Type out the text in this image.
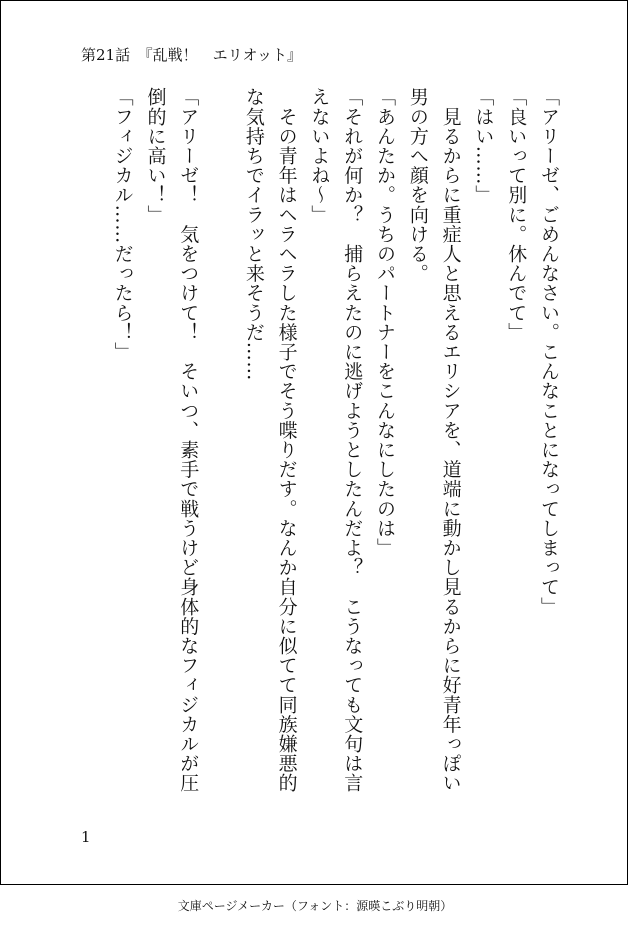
第21話　『乱戦！　エリオット』

「アリーゼ、ごめんなさい。こんなことになってしまって」

「良いって別に。休んでて」

「はい……」

見るからに重症人と思えるエリシアを、道端に動かし見るからに好青年っぽい

男の方へ顔を向ける。

「あんたか。うちのパートナーをこんなにしたのは」

「それが何か？　捕らえたのに逃げようとしたんだよ？　こうなっても文句は言

えないよね～」

その青年はヘラヘラした様子でそう喋りだす。なんか自分に似てて同族嫌悪的

な気持ちでイラッと来そうだ……

「アリーゼ！　気をつけて！　そいつ、素手で戦うけど身体的なフィジカルが圧

倒的に高い！」

「フィジカル……だったら！」

1
文庫ページメーカー（フォント：源暎こぶり明朝）
